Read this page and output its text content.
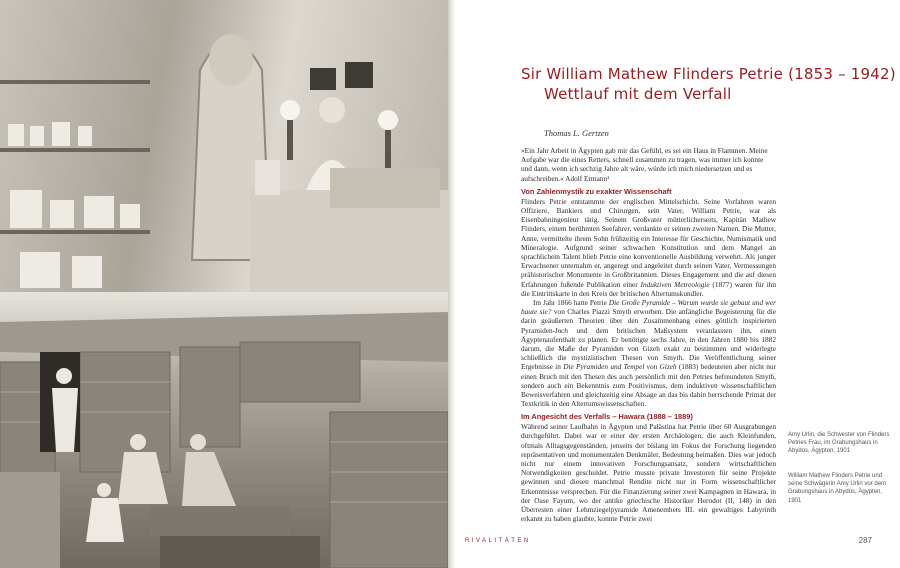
Sir William Mathew Flinders Petrie (1853 – 1942)
Wettlauf mit dem Verfall
Thomas L. Gertzen
»Ein Jahr Arbeit in Ägypten gab mir das Gefühl, es sei ein Haus in Flammen. Meine Aufgabe war die eines Retters, schnell zusammen zu tragen, was immer ich konnte und dann, wenn ich sechzig Jahre alt wäre, würde ich mich niedersetzen und es aufschreiben.« Adolf Ermann¹
Von Zahlenmystik zu exakter Wissenschaft
Flinders Petrie entstammte der englischen Mittelschicht. Seine Vorfahren waren Offiziere, Bankiers und Chirurgen, sein Vater, William Petrie, war als Eisenbahningenieur tätig. Seinem Großvater mütterlicherseits, Kapitän Mathew Flinders, einem berühmten Seefahrer, verdankte er seinen zweiten Namen. Die Mutter, Anne, vermittelte ihrem Sohn frühzeitig ein Interesse für Geschichte, Numismatik und Mineralogie. Aufgrund seiner schwachen Konstitution und dem Mangel an sprachlichem Talent blieb Petrie eine konventionelle Ausbildung verwehrt. Als junger Erwachsener unternahm er, angeregt und angeleitet durch seinen Vater, Vermessungen prähistorischer Monumente in Großbritannien. Dieses Engagement und die auf diesen Erfahrungen fußende Publikation einer Induktiven Metreologie (1877) waren für ihn die Eintrittskarte in den Kreis der britischen Altertumskundler.
Im Jahr 1866 hatte Petrie Die Große Pyramide – Warum wurde sie gebaut und wer baute sie? von Charles Piazzi Smyth erworben. Die anfängliche Begeisterung für die darin geäußerten Theorien über den Zusammenhang eines göttlich inspirierten Pyramiden-Inch und dem britischen Maßsystem veranlassten ihn, einen Ägyptenaufenthalt zu planen. Er benötigte sechs Jahre, in den Jahren 1880 bis 1882 darum, die Maße der Pyramiden von Gizeh exakt zu bestimmen und widerlegte schließlich die mystizistischen Thesen von Smyth. Die Veröffentlichung seiner Ergebnisse in Die Pyramiden und Tempel von Gizeh (1883) bedeuteten aber nicht nur einen Bruch mit den Thesen des auch persönlich mit den Petries befreundeten Smyth, sondern auch ein Bekenntnis zum Positivismus, dem induktiven wissenschaftlichen Beweisverfahren und gleichzeitig eine Absage an das bis dahin herrschende Primat der Textkritik in den Altertumswissenschaften.
Im Angesicht des Verfalls – Hawara (1888 – 1889)
Während seiner Laufbahn in Ägypten und Palästina hat Petrie über 60 Ausgrabungen durchgeführt. Dabei war er einer der ersten Archäologen, die auch Kleinfunden, oftmals Alltagsgegenständen, jenseits der bislang im Fokus der Forschung liegenden repräsentativen und monumentalen Denkmäler, Bedeutung beimaßen. Dies war jedoch nicht nur einem innovativen Forschungsansatz, sondern wirtschaftlichen Notwendigkeiten geschuldet. Petrie musste private Investoren für seine Projekte gewinnen und diesen manchmal Rendite nicht nur in Form wissenschaftlicher Erkenntnisse versprechen. Für die Finanzierung seiner zwei Kampagnen in Hawara, in der Oase Fayum, wo der antike griechische Historiker Herodot (II, 148) in den Überresten einer Lehmziegelpyramide Amenemhets III. ein gewaltiges Labyrinth erkannt zu haben glaubte, konnte Petrie zwei
Amy Urlin, die Schwester von Flinders Petries Frau, im Grabungshaus in Abydos, Ägypten, 1901
William Mathew Flinders Petrie und seine Schwägerin Amy Urlin vor dem Grabungshaus in Abydos, Ägypten, 1901
RIVALITÄTEN	287
